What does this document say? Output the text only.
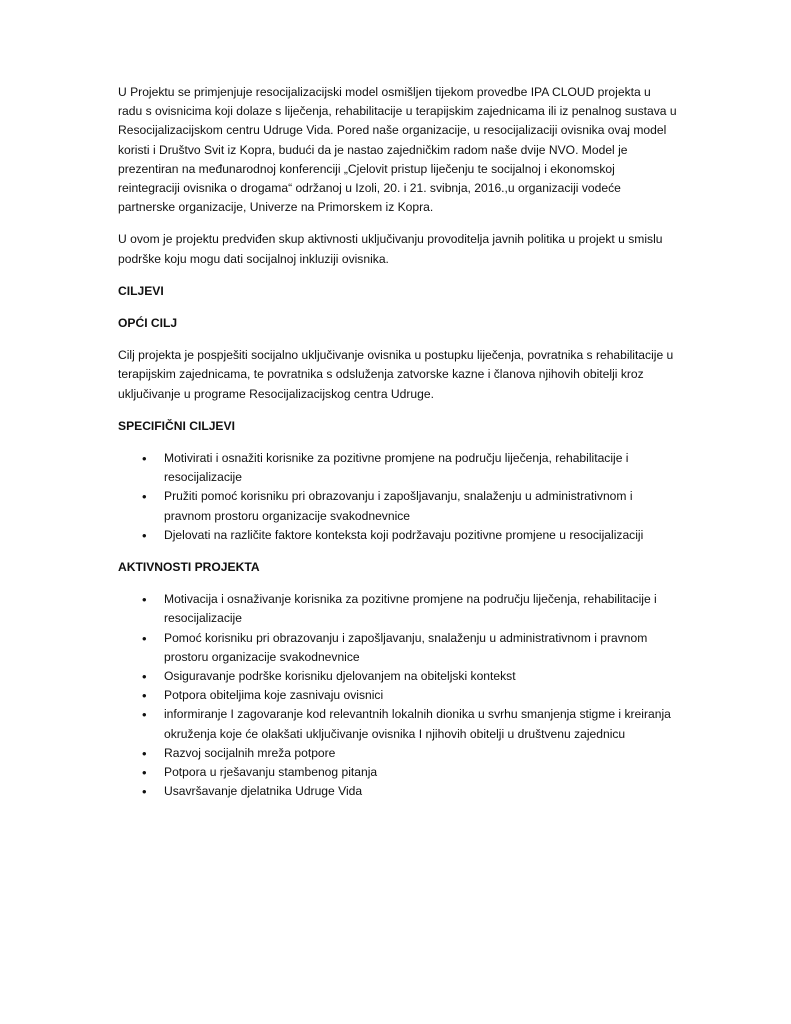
U Projektu se primjenjuje resocijalizacijski model osmišljen tijekom provedbe IPA CLOUD projekta u radu s ovisnicima koji dolaze s liječenja, rehabilitacije u terapijskim zajednicama ili iz penalnog sustava u Resocijalizacijskom centru Udruge Vida. Pored naše organizacije, u resocijalizaciji ovisnika ovaj model koristi i Društvo Svit iz Kopra, budući da je nastao zajedničkim radom naše dvije NVO. Model je prezentiran na međunarodnoj konferenciji „Cjelovit pristup liječenju te socijalnoj i ekonomskoj reintegraciji ovisnika o drogama“ održanoj u Izoli, 20. i 21. svibnja, 2016.,u organizaciji vodeće partnerske organizacije, Univerze na Primorskem iz Kopra.

U ovom je projektu predviđen skup aktivnosti uključivanju provoditelja javnih politika u projekt u smislu podrške koju mogu dati socijalnoj inkluziji ovisnika.

CILJEVI
OPĆI CILJ

Cilj projekta je pospješiti socijalno uključivanje ovisnika u postupku liječenja, povratnika s rehabilitacije u terapijskim zajednicama, te povratnika s odsluženja zatvorske kazne i članova njihovih obitelji kroz uključivanje u programe Resocijalizacijskog centra Udruge.

SPECIFIČNI CILJEVI
• Motivirati i osnažiti korisnike za pozitivne promjene na području liječenja, rehabilitacije i resocijalizacije
• Pružiti pomoć korisniku pri obrazovanju i zapošljavanju, snalaženju u administrativnom i pravnom prostoru organizacije svakodnevnice
• Djelovati na različite faktore konteksta koji podržavaju pozitivne promjene u resocijalizaciji
AKTIVNOSTI PROJEKTA
• Motivacija i osnaživanje korisnika za pozitivne promjene na području liječenja, rehabilitacije i resocijalizacije
• Pomoć korisniku pri obrazovanju i zapošljavanju, snalaženju u administrativnom i pravnom prostoru organizacije svakodnevnice
• Osiguravanje podrške korisniku djelovanjem na obiteljski kontekst
• Potpora obiteljima koje zasnivaju ovisnici
• informiranje I zagovaranje kod relevantnih lokalnih dionika u svrhu smanjenja stigme i kreiranja okruženja koje će olakšati uključivanje ovisnika I njihovih obitelji u društvenu zajednicu
• Razvoj socijalnih mreža potpore
• Potpora u rješavanju stambenog pitanja
• Usavršavanje djelatnika Udruge Vida
